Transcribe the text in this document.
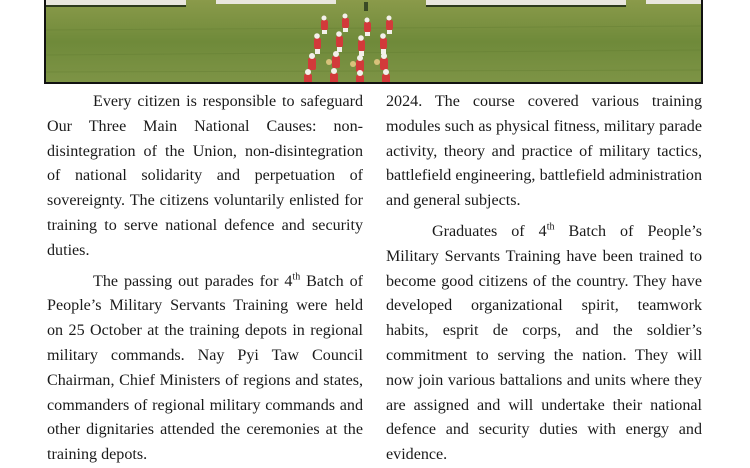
Every citizen is responsible to safeguard Our Three Main National Causes: non-disintegration of the Union, non-disintegration of national solidarity and perpetuation of sovereignty. The citizens voluntarily enlisted for training to serve national defence and security duties.

The passing out parades for 4th Batch of People’s Military Servants Training were held on 25 October at the training depots in regional military commands. Nay Pyi Taw Council Chairman, Chief Ministers of regions and states, commanders of regional military commands and other dignitaries attended the ceremonies at the training depots.

2024. The course covered various training modules such as physical fitness, military parade activity, theory and practice of military tactics, battlefield engineering, battlefield administration and general subjects.

Graduates of 4th Batch of People’s Military Servants Training have been trained to become good citizens of the country. They have developed organizational spirit, teamwork habits, esprit de corps, and the soldier’s commitment to serving the nation. They will now join various battalions and units where they are assigned and will undertake their national defence and security duties with energy and evidence.
